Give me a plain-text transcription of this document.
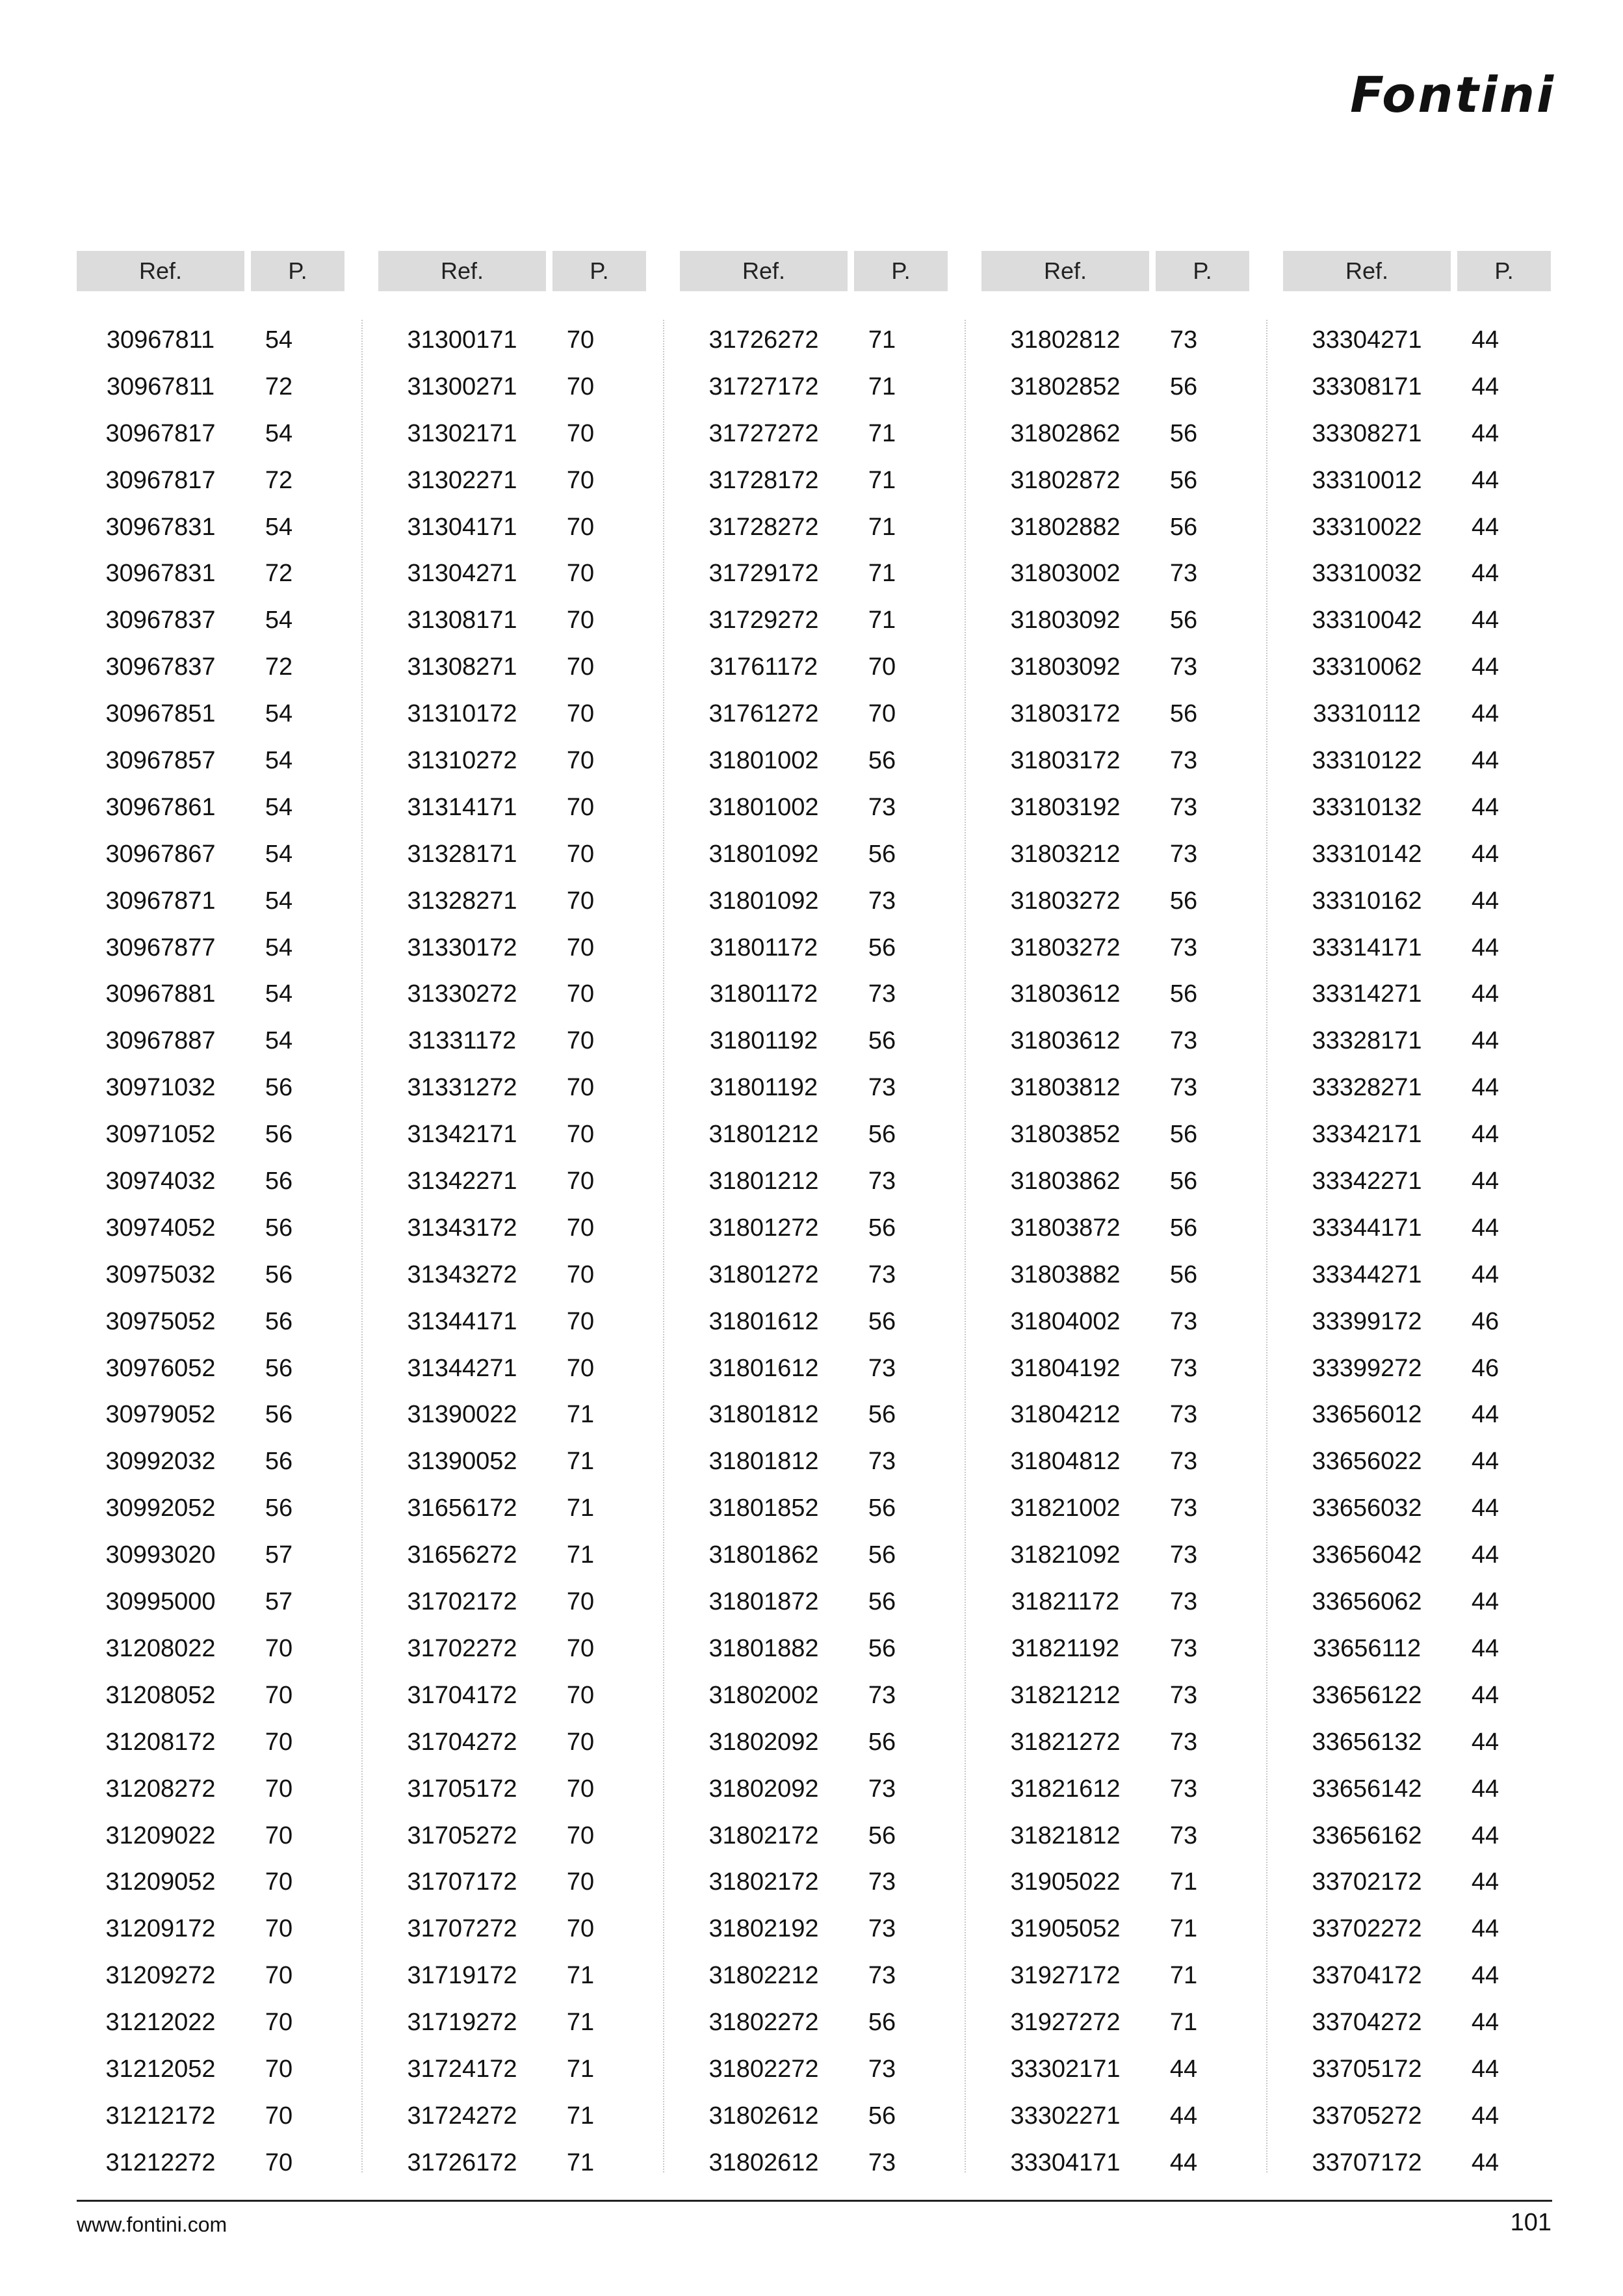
Fontini
Ref.	P.
30967811	54
30967811	72
30967817	54
30967817	72
30967831	54
30967831	72
30967837	54
30967837	72
30967851	54
30967857	54
30967861	54
30967867	54
30967871	54
30967877	54
30967881	54
30967887	54
30971032	56
30971052	56
30974032	56
30974052	56
30975032	56
30975052	56
30976052	56
30979052	56
30992032	56
30992052	56
30993020	57
30995000	57
31208022	70
31208052	70
31208172	70
31208272	70
31209022	70
31209052	70
31209172	70
31209272	70
31212022	70
31212052	70
31212172	70
31212272	70
Ref.	P.
31300171	70
31300271	70
31302171	70
31302271	70
31304171	70
31304271	70
31308171	70
31308271	70
31310172	70
31310272	70
31314171	70
31328171	70
31328271	70
31330172	70
31330272	70
31331172	70
31331272	70
31342171	70
31342271	70
31343172	70
31343272	70
31344171	70
31344271	70
31390022	71
31390052	71
31656172	71
31656272	71
31702172	70
31702272	70
31704172	70
31704272	70
31705172	70
31705272	70
31707172	70
31707272	70
31719172	71
31719272	71
31724172	71
31724272	71
31726172	71
Ref.	P.
31726272	71
31727172	71
31727272	71
31728172	71
31728272	71
31729172	71
31729272	71
31761172	70
31761272	70
31801002	56
31801002	73
31801092	56
31801092	73
31801172	56
31801172	73
31801192	56
31801192	73
31801212	56
31801212	73
31801272	56
31801272	73
31801612	56
31801612	73
31801812	56
31801812	73
31801852	56
31801862	56
31801872	56
31801882	56
31802002	73
31802092	56
31802092	73
31802172	56
31802172	73
31802192	73
31802212	73
31802272	56
31802272	73
31802612	56
31802612	73
Ref.	P.
31802812	73
31802852	56
31802862	56
31802872	56
31802882	56
31803002	73
31803092	56
31803092	73
31803172	56
31803172	73
31803192	73
31803212	73
31803272	56
31803272	73
31803612	56
31803612	73
31803812	73
31803852	56
31803862	56
31803872	56
31803882	56
31804002	73
31804192	73
31804212	73
31804812	73
31821002	73
31821092	73
31821172	73
31821192	73
31821212	73
31821272	73
31821612	73
31821812	73
31905022	71
31905052	71
31927172	71
31927272	71
33302171	44
33302271	44
33304171	44
Ref.	P.
33304271	44
33308171	44
33308271	44
33310012	44
33310022	44
33310032	44
33310042	44
33310062	44
33310112	44
33310122	44
33310132	44
33310142	44
33310162	44
33314171	44
33314271	44
33328171	44
33328271	44
33342171	44
33342271	44
33344171	44
33344271	44
33399172	46
33399272	46
33656012	44
33656022	44
33656032	44
33656042	44
33656062	44
33656112	44
33656122	44
33656132	44
33656142	44
33656162	44
33702172	44
33702272	44
33704172	44
33704272	44
33705172	44
33705272	44
33707172	44
www.fontini.com	101
